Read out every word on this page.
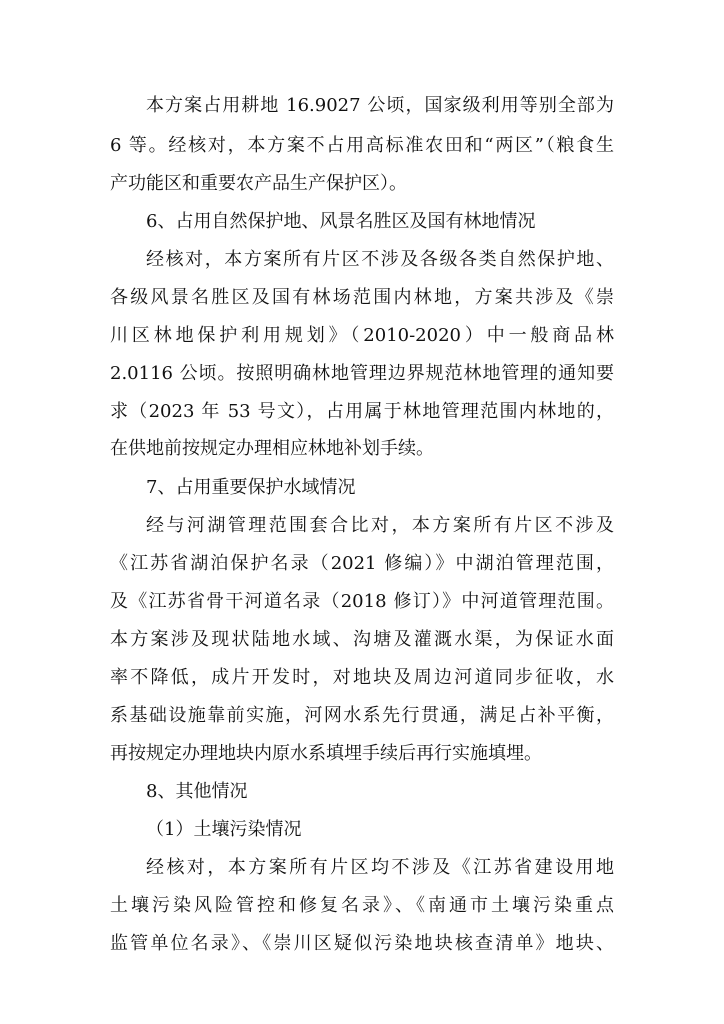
本方案占用耕地 16.9027 公顷，国家级利用等别全部为
6 等。经核对，本方案不占用高标准农田和“两区”（粮食生
产功能区和重要农产品生产保护区）。
6、占用自然保护地、风景名胜区及国有林地情况
经核对，本方案所有片区不涉及各级各类自然保护地、
各级风景名胜区及国有林场范围内林地，方案共涉及《崇
川区林地保护利用规划》（2010-2020）中一般商品林
2.0116 公顷。按照明确林地管理边界规范林地管理的通知要
求（2023 年 53 号文），占用属于林地管理范围内林地的，
在供地前按规定办理相应林地补划手续。
7、占用重要保护水域情况
经与河湖管理范围套合比对，本方案所有片区不涉及
《江苏省湖泊保护名录（2021 修编）》中湖泊管理范围，
及《江苏省骨干河道名录（2018 修订）》中河道管理范围。
本方案涉及现状陆地水域、沟塘及灌溉水渠，为保证水面
率不降低，成片开发时，对地块及周边河道同步征收，水
系基础设施靠前实施，河网水系先行贯通，满足占补平衡，
再按规定办理地块内原水系填埋手续后再行实施填埋。
8、其他情况
（1）土壤污染情况
经核对，本方案所有片区均不涉及《江苏省建设用地
土壤污染风险管控和修复名录》、《南通市土壤污染重点
监管单位名录》、《崇川区疑似污染地块核查清单》地块、
